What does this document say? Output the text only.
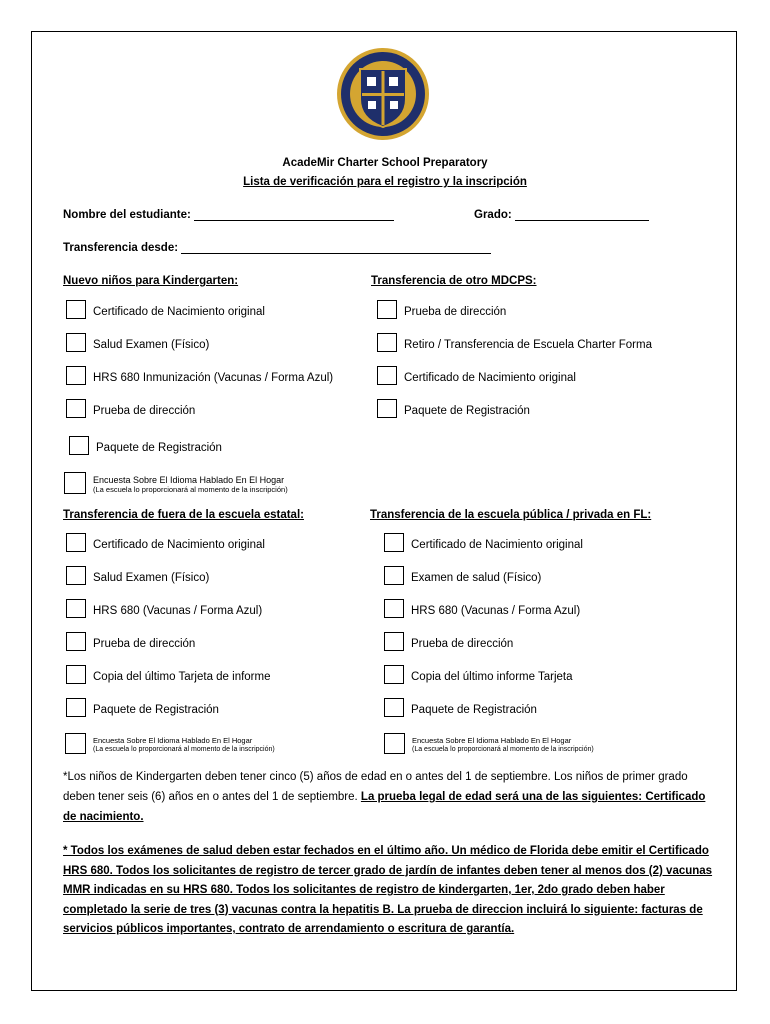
AcadeMir Charter School Preparatory
Lista de verificación para el registro y la inscripción
Nombre del estudiante:	Grado:
Transferencia desde:
Nuevo niños para Kindergarten:
Certificado de Nacimiento original
Salud Examen (Físico)
HRS 680 Inmunización (Vacunas / Forma Azul)
Prueba de dirección
Paquete de Registración
Encuesta Sobre El Idioma Hablado En El Hogar
(La escuela lo proporcionará al momento de la inscripción)
Transferencia de otro MDCPS:
Prueba de dirección
Retiro / Transferencia de Escuela Charter Forma
Certificado de Nacimiento original
Paquete de Registración
Transferencia de fuera de la escuela estatal:
Certificado de Nacimiento original
Salud Examen (Físico)
HRS 680 (Vacunas / Forma Azul)
Prueba de dirección
Copia del último Tarjeta de informe
Paquete de Registración
Encuesta Sobre El Idioma Hablado En El Hogar
(La escuela lo proporcionará al momento de la inscripción)
Transferencia de la escuela pública / privada en FL:
Certificado de Nacimiento original
Examen de salud (Físico)
HRS 680 (Vacunas / Forma Azul)
Prueba de dirección
Copia del último informe Tarjeta
Paquete de Registración
Encuesta Sobre El Idioma Hablado En El Hogar
(La escuela lo proporcionará al momento de la inscripción)
*Los niños de Kindergarten deben tener cinco (5) años de edad en o antes del 1 de septiembre. Los niños de primer grado deben tener seis (6) años en o antes del 1 de septiembre. La prueba legal de edad será una de las siguientes: Certificado de nacimiento.
* Todos los exámenes de salud deben estar fechados en el último año. Un médico de Florida debe emitir el Certificado HRS 680. Todos los solicitantes de registro de tercer grado de jardín de infantes deben tener al menos dos (2) vacunas MMR indicadas en su HRS 680. Todos los solicitantes de registro de kindergarten, 1er, 2do grado deben haber completado la serie de tres (3) vacunas contra la hepatitis B. La prueba de direccion incluirá lo siguiente: facturas de servicios públicos importantes, contrato de arrendamiento o escritura de garantía.
